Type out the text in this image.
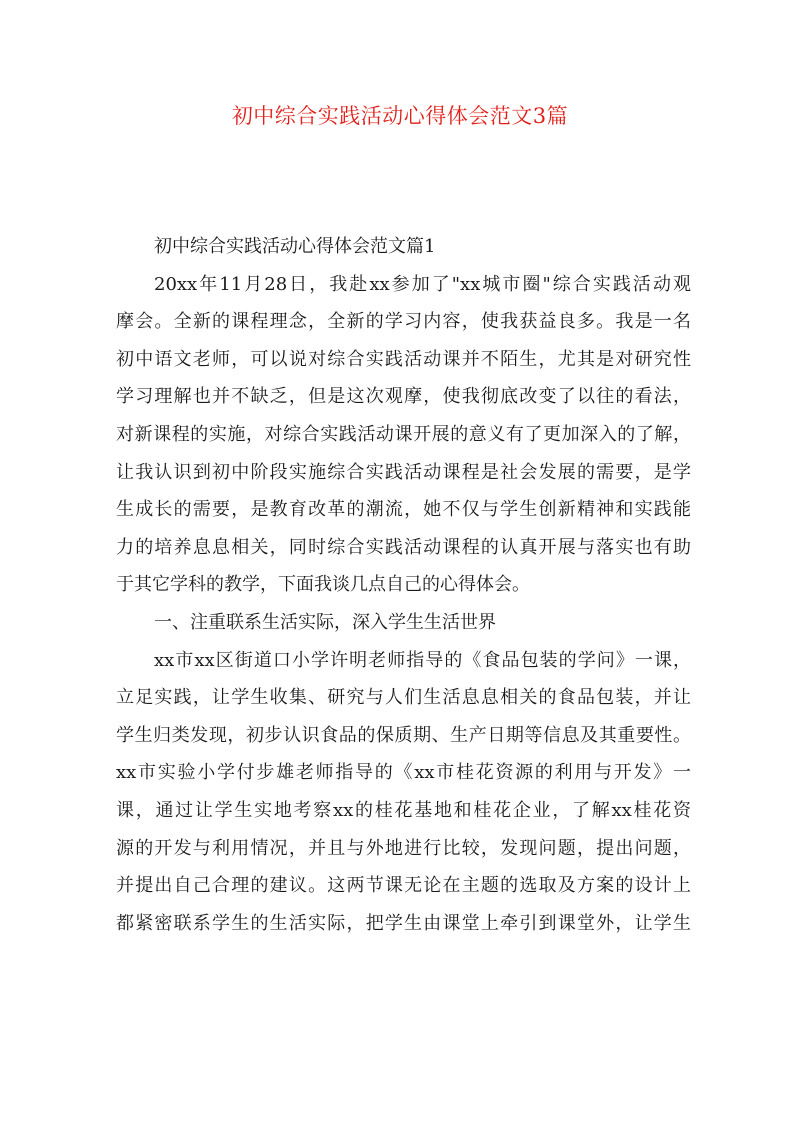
初中综合实践活动心得体会范文3篇
初中综合实践活动心得体会范文篇1
20xx年11月28日，我赴xx参加了"xx城市圈"综合实践活动观
摩会。全新的课程理念，全新的学习内容，使我获益良多。我是一名
初中语文老师，可以说对综合实践活动课并不陌生，尤其是对研究性
学习理解也并不缺乏，但是这次观摩，使我彻底改变了以往的看法，
对新课程的实施，对综合实践活动课开展的意义有了更加深入的了解，
让我认识到初中阶段实施综合实践活动课程是社会发展的需要，是学
生成长的需要，是教育改革的潮流，她不仅与学生创新精神和实践能
力的培养息息相关，同时综合实践活动课程的认真开展与落实也有助
于其它学科的教学，下面我谈几点自己的心得体会。
一、注重联系生活实际，深入学生生活世界
xx市xx区街道口小学许明老师指导的《食品包装的学问》一课，
立足实践，让学生收集、研究与人们生活息息相关的食品包装，并让
学生归类发现，初步认识食品的保质期、生产日期等信息及其重要性。
xx市实验小学付步雄老师指导的《xx市桂花资源的利用与开发》一
课，通过让学生实地考察xx的桂花基地和桂花企业，了解xx桂花资
源的开发与利用情况，并且与外地进行比较，发现问题，提出问题，
并提出自己合理的建议。这两节课无论在主题的选取及方案的设计上
都紧密联系学生的生活实际，把学生由课堂上牵引到课堂外，让学生
